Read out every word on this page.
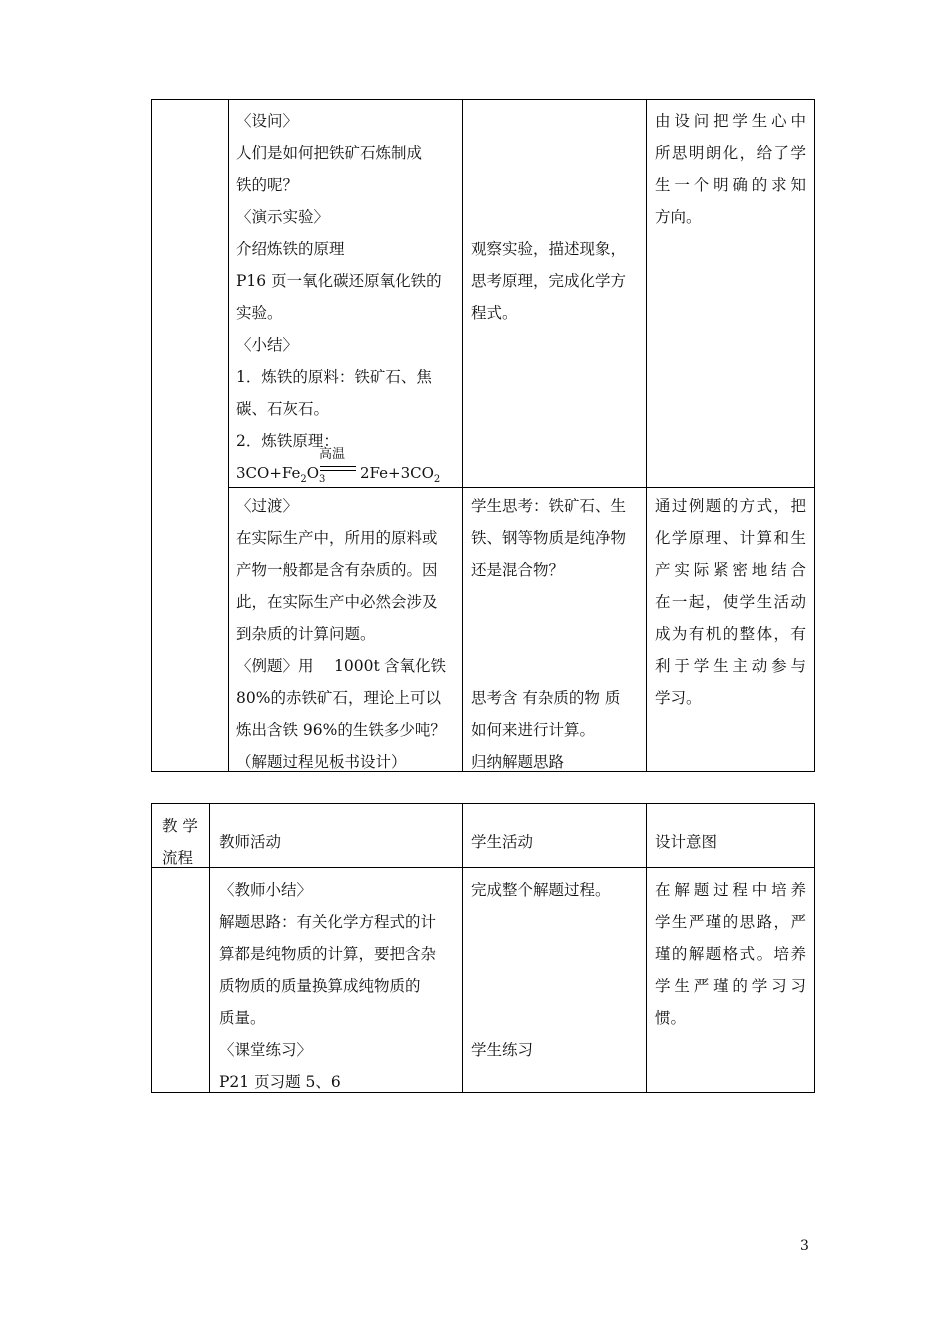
〈设问〉
人们是如何把铁矿石炼制成
铁的呢？
〈演示实验〉
介绍炼铁的原理
P16 页一氧化碳还原氧化铁的
实验。
〈小结〉
1．炼铁的原料：铁矿石、焦
碳、石灰石。
2．炼铁原理：
高温
$3CO+Fe_2O_3$ $2Fe+3CO_2$
〈过渡〉
在实际生产中，所用的原料或
产物一般都是含有杂质的。因
此，在实际生产中必然会涉及
到杂质的计算问题。
〈例题〉用 1000t 含氧化铁
80%的赤铁矿石，理论上可以
炼出含铁 96%的生铁多少吨？
（解题过程见板书设计）
观察实验，描述现象，
思考原理，完成化学方
程式。
学生思考：铁矿石、生
铁、钢等物质是纯净物
还是混合物？
思考含 有杂质的物 质
如何来进行计算。
归纳解题思路
由设问把学生心中
所思明朗化，给了学
生一个明确的求知
方向。
通过例题的方式，把
化学原理、计算和生
产实际紧密地结合
在一起，使学生活动
成为有机的整体，有
利于学生主动参与
学习。
教 学
流程
教师活动	学生活动	设计意图
〈教师小结〉
解题思路：有关化学方程式的计
算都是纯物质的计算，要把含杂
质物质的质量换算成纯物质的
质量。
〈课堂练习〉
P21 页习题 5、6
完成整个解题过程。
学生练习
在解题过程中培养
学生严瑾的思路，严
瑾的解题格式。培养
学生严瑾的学习习
惯。
3
